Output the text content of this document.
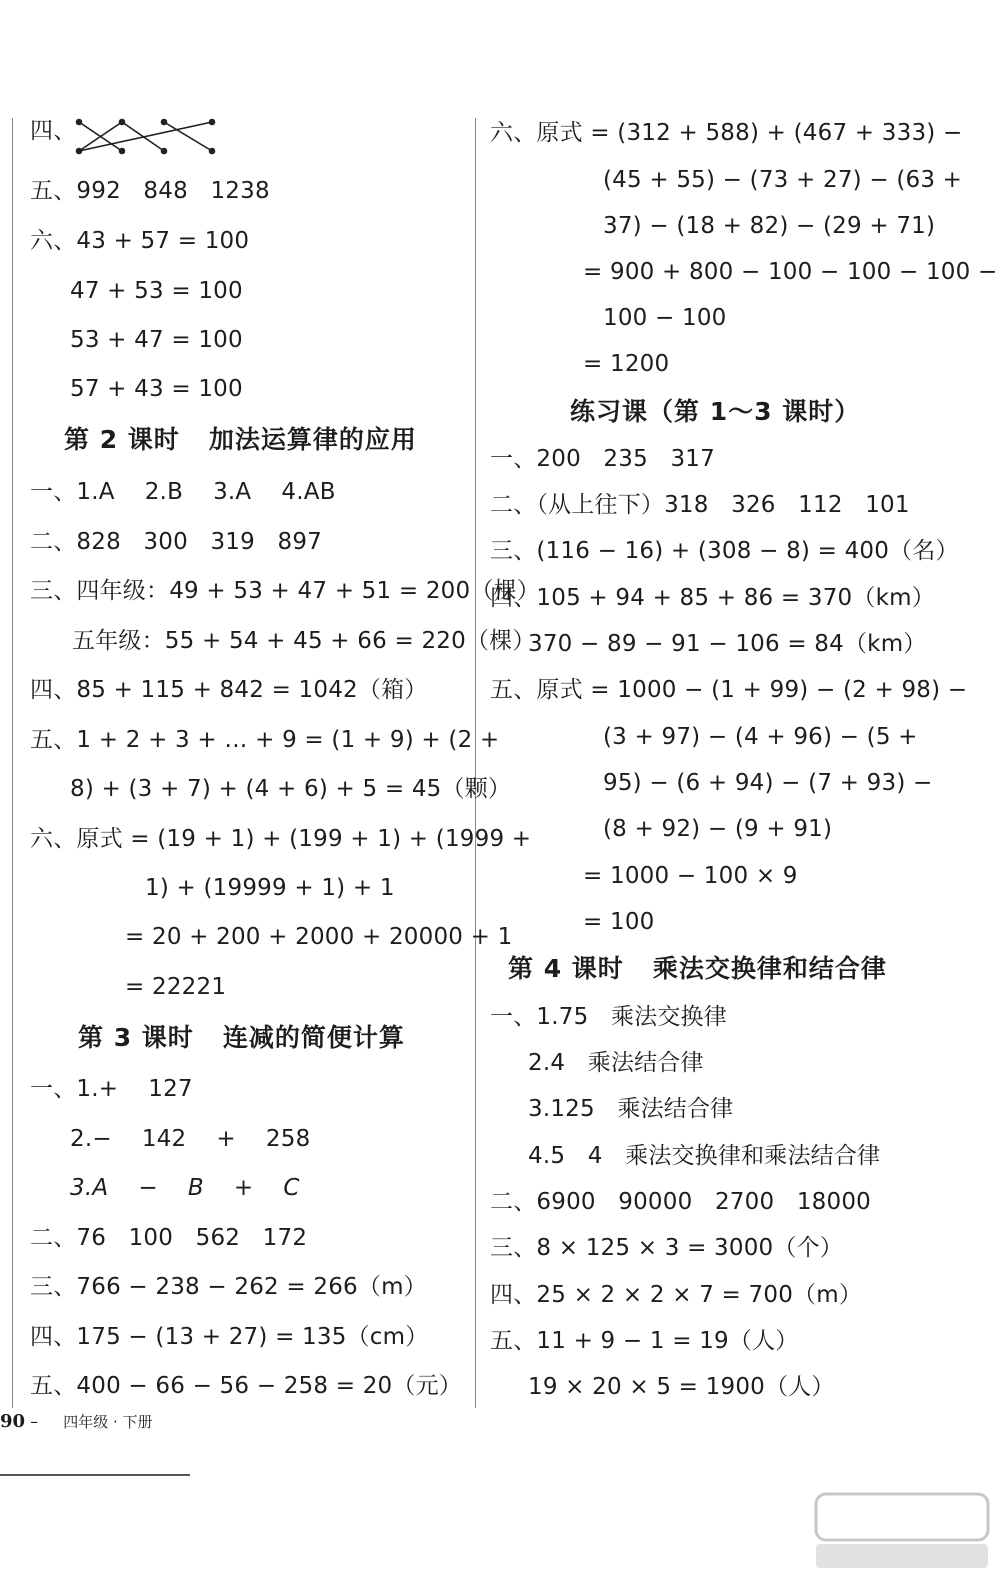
四、
五、992   848   1238
六、43 + 57 = 100
47 + 53 = 100
53 + 47 = 100
57 + 43 = 100
第 2 课时   加法运算律的应用
一、1.A    2.B    3.A    4.AB
二、828   300   319   897
三、四年级：49 + 53 + 47 + 51 = 200（棵）
五年级：55 + 54 + 45 + 66 = 220（棵）
四、85 + 115 + 842 = 1042（箱）
五、1 + 2 + 3 + … + 9 = (1 + 9) + (2 +
8) + (3 + 7) + (4 + 6) + 5 = 45（颗）
六、原式 = (19 + 1) + (199 + 1) + (1999 +
1) + (19999 + 1) + 1
= 20 + 200 + 2000 + 20000 + 1
= 22221
第 3 课时   连减的简便计算
一、1.+    127
2.−    142    +    258
3.A    −    B    +    C
二、76   100   562   172
三、766 − 238 − 262 = 266（m）
四、175 − (13 + 27) = 135（cm）
五、400 − 66 − 56 − 258 = 20（元）
六、原式 = (312 + 588) + (467 + 333) −
(45 + 55) − (73 + 27) − (63 +
37) − (18 + 82) − (29 + 71)
= 900 + 800 − 100 − 100 − 100 −
100 − 100
= 1200
练习课（第 1～3 课时）
一、200   235   317
二、（从上往下）318   326   112   101
三、(116 − 16) + (308 − 8) = 400（名）
四、105 + 94 + 85 + 86 = 370（km）
370 − 89 − 91 − 106 = 84（km）
五、原式 = 1000 − (1 + 99) − (2 + 98) −
(3 + 97) − (4 + 96) − (5 +
95) − (6 + 94) − (7 + 93) −
(8 + 92) − (9 + 91)
= 1000 − 100 × 9
= 100
第 4 课时   乘法交换律和结合律
一、1.75   乘法交换律
2.4   乘法结合律
3.125   乘法结合律
4.5   4   乘法交换律和乘法结合律
二、6900   90000   2700   18000
三、8 × 125 × 3 = 3000（个）
四、25 × 2 × 2 × 7 = 700（m）
五、11 + 9 − 1 = 19（人）
19 × 20 × 5 = 1900（人）
90 – 四年级 · 下册
